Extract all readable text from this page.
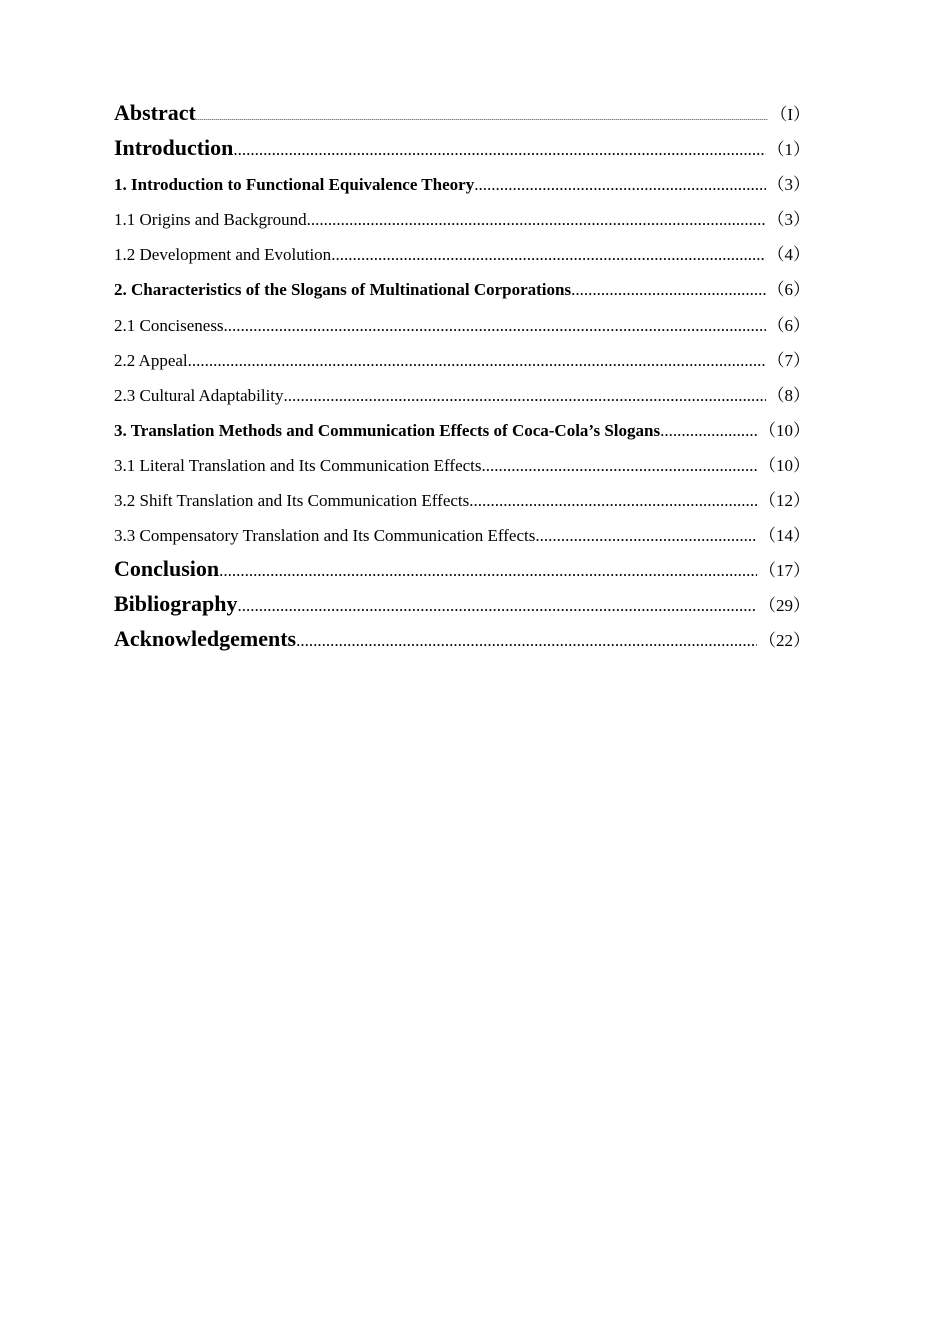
Abstract .....	（I）
Introduction .....	（1）
1. Introduction to Functional Equivalence Theory .....	（3）
1.1 Origins and Background .....	（3）
1.2 Development and Evolution .....	（4）
2. Characteristics of the Slogans of Multinational Corporations .....	（6）
2.1 Conciseness .....	（6）
2.2 Appeal .....	（7）
2.3 Cultural Adaptability .....	（8）
3. Translation Methods and Communication Effects of Coca-Cola’s Slogans .....	（10）
3.1 Literal Translation and Its Communication Effects .....	（10）
3.2 Shift Translation and Its Communication Effects .....	（12）
3.3 Compensatory Translation and Its Communication Effects .....	（14）
Conclusion .....	（17）
Bibliography .....	（29）
Acknowledgements .....	（22）
